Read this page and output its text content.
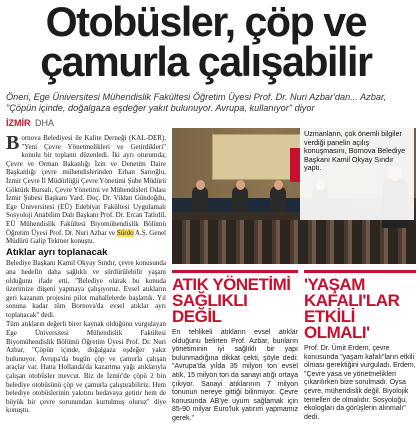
Otobüsler, çöp ve çamurla çalışabilir
Öneri, Ege Üniversitesi Mühendislik Fakültesi Öğretim Üyesi Prof. Dr. Nuri Azbar'dan... Azbar, "Çöpün içinde, doğalgaza eşdeğer yakıt bulunuyor. Avrupa, kullanıyor" diyor
İZMİR DHA

Bornova Belediyesi ile Kalite Derneği (KAL-DER), "Yeni Çevre Yönetmelikleri ve Getirdikleri" konulu bir toplantı düzenledi. İki ayrı oturumda; Çevre ve Orman Bakanlığı İzin ve Denetim Daire Başkanlığı çevre mühendislerinden Erhan Sarıoğlu, İzmir Çevre İl Müdürlüğü Çevre Yönetimi Şube Müdürü Göktürk Bursalı, Çevre Yönetimi ve Mühendisleri Odası İzmir Şubesi Başkanı Yard. Doç. Dr. Vildan Gündoğdu, Ege Üniversitesi (EÜ) Edebiyat Fakültesi Uygulamalı Sosyoloji Anabilim Dalı Başkanı Prof. Dr. Ercan Tatlıdil, EÜ Mühendislik Fakültesi Biyomühendislik Bölümü Öğretim Üyesi Prof. Dr. Nuri Azbar ve Sürdo A.Ş. Genel Müdürü Galip Tekmer konuştu.

Atıklar ayrı toplanacak

Belediye Başkanı Kamil Okyay Sındır, çevre konusunda ana hedefin daha sağlıklı ve sürdürülebilir yaşam olduğunu ifade etti, "Belediye olarak bu konuda üzerimize düşeni yapmaya çalışıyoruz. Evsel atıkların geri kazanım projesini pilot mahallelerde başlattık. Yıl sonuna kadar tüm Bornova'da evsel atıklar ayrı toplanacak" dedi.

Tüm atıkların değerli birer kaynak olduğunu vurgulayan Ege Üniversitesi Mühendislik Fakültesi Biyomühendislik Bölümü Öğretim Üyesi Prof. Dr. Nuri Azbar, "Çöpün içinde, doğalgaza eşdeğer yakıt bulunuyor. Avrupa'da bugün çöp ve çamurla çalışan araçlar var. Hatta Hollanda'da kazartma yağı atıklarıyla çalışan otobüsler mevcut. Biz de İzmir'de çöpü 2 bin belediye otobüsünü çöp ve çamurla çalıştırabiliriz. Hem belediye otobüslerinin yakıtını bedavaya getirir hem de büyük bir çevre sorunundan kurtulmuş oluruz" diye konuştu.

Uzmanların, çok önemli bilgiler verdiği panelin açılış konuşmasını, Bornova Belediye Başkanı Kamil Okyay Sındır yaptı.
ATIK YÖNETİMİ SAĞLIKLI DEĞİL
En tehlikeli atıkların evsel atıklar olduğunu belirten Prof. Azbar, bunların yönetiminin iyi sağlıklı bir yapı bulunmadığına dikkat çekti, şöyle dedi: "Avrupa'da yılda 35 milyon ton evsel atık, 15 milyon ton da sanayi atığı ortaya çıkıyor. Sanayi atıklarının 7 milyon tonunun nereye gittiği bilinmiyor. Çevre konusunda AB'ye uyum sağlamak için 85-90 milyar Euro'luk yatırım yapmamız gerek."
'YAŞAM KAFALI'LAR ETKİLİ OLMALI'
Prof. Dr. Ümit Erdem, çevre konusunda "yaşam kafalı"ların etkili olması gerektiğini vurguladı. Erdem, "Çevre yasa ve yönetmelikleri çıkarılırken bize sorulmadı. Oysa çevre, mühendislik değil. Biyolojik temelleri de olmalıdır. Sosyoloğu, ekologları da görüşlerin alınmalı" dedi.
